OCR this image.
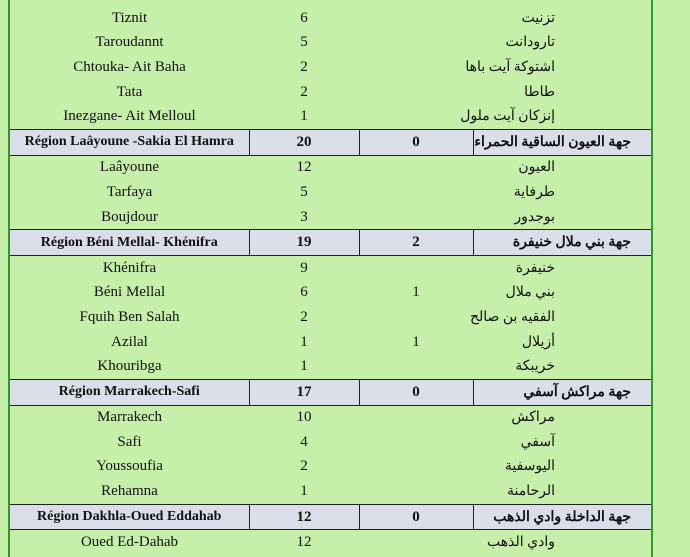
Tiznit	6		تزنيت
Taroudannt	5		تارودانت
Chtouka- Ait Baha	2		اشتوكة آيت باها
Tata	2		طاطا
Inezgane- Ait Melloul	1		إنزكان آيت ملول
Région Laâyoune -Sakia El Hamra	20	0	جهة العيون الساقية الحمراء
Laâyoune	12		العيون
Tarfaya	5		طرفاية
Boujdour	3		بوجدور
Région Béni Mellal- Khénifra	19	2	جهة بني ملال خنيفرة
Khénifra	9		خنيفرة
Béni Mellal	6	1	بني ملال
Fquih Ben Salah	2		الفقيه بن صالح
Azilal	1	1	أزيلال
Khouribga	1		خريبكة
Région Marrakech-Safi	17	0	جهة مراكش آسفي
Marrakech	10		مراكش
Safi	4		آسفي
Youssoufia	2		اليوسفية
Rehamna	1		الرحامنة
Région Dakhla-Oued Eddahab	12	0	جهة الداخلة وادي الذهب
Oued Ed-Dahab	12		وادي الذهب
